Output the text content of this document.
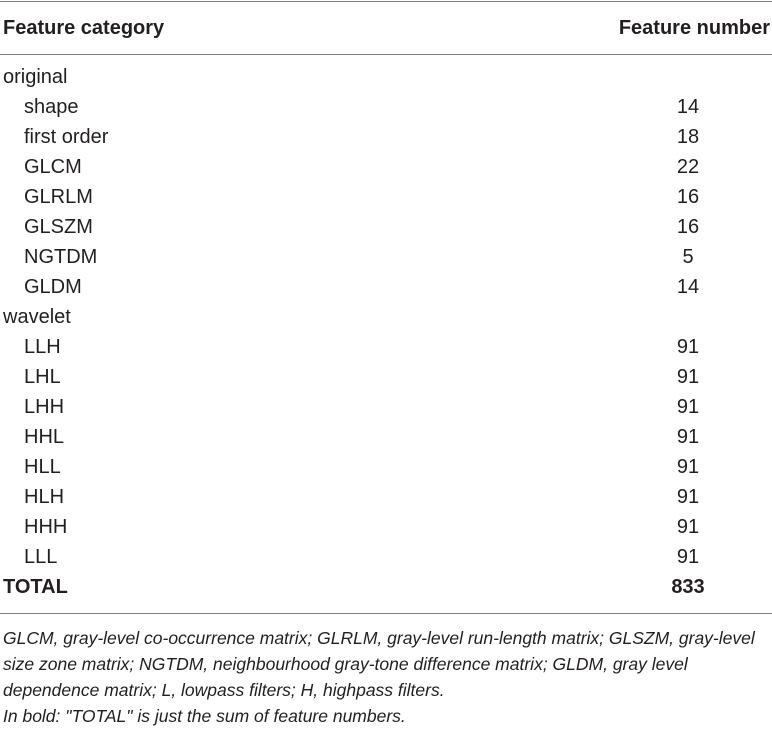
Feature category	Feature number
original
shape	14
first order	18
GLCM	22
GLRLM	16
GLSZM	16
NGTDM	5
GLDM	14
wavelet
LLH	91
LHL	91
LHH	91
HHL	91
HLL	91
HLH	91
HHH	91
LLL	91
TOTAL	833

GLCM, gray-level co-occurrence matrix; GLRLM, gray-level run-length matrix; GLSZM, gray-level size zone matrix; NGTDM, neighbourhood gray-tone difference matrix; GLDM, gray level dependence matrix; L, lowpass filters; H, highpass filters.

In bold: "TOTAL" is just the sum of feature numbers.
